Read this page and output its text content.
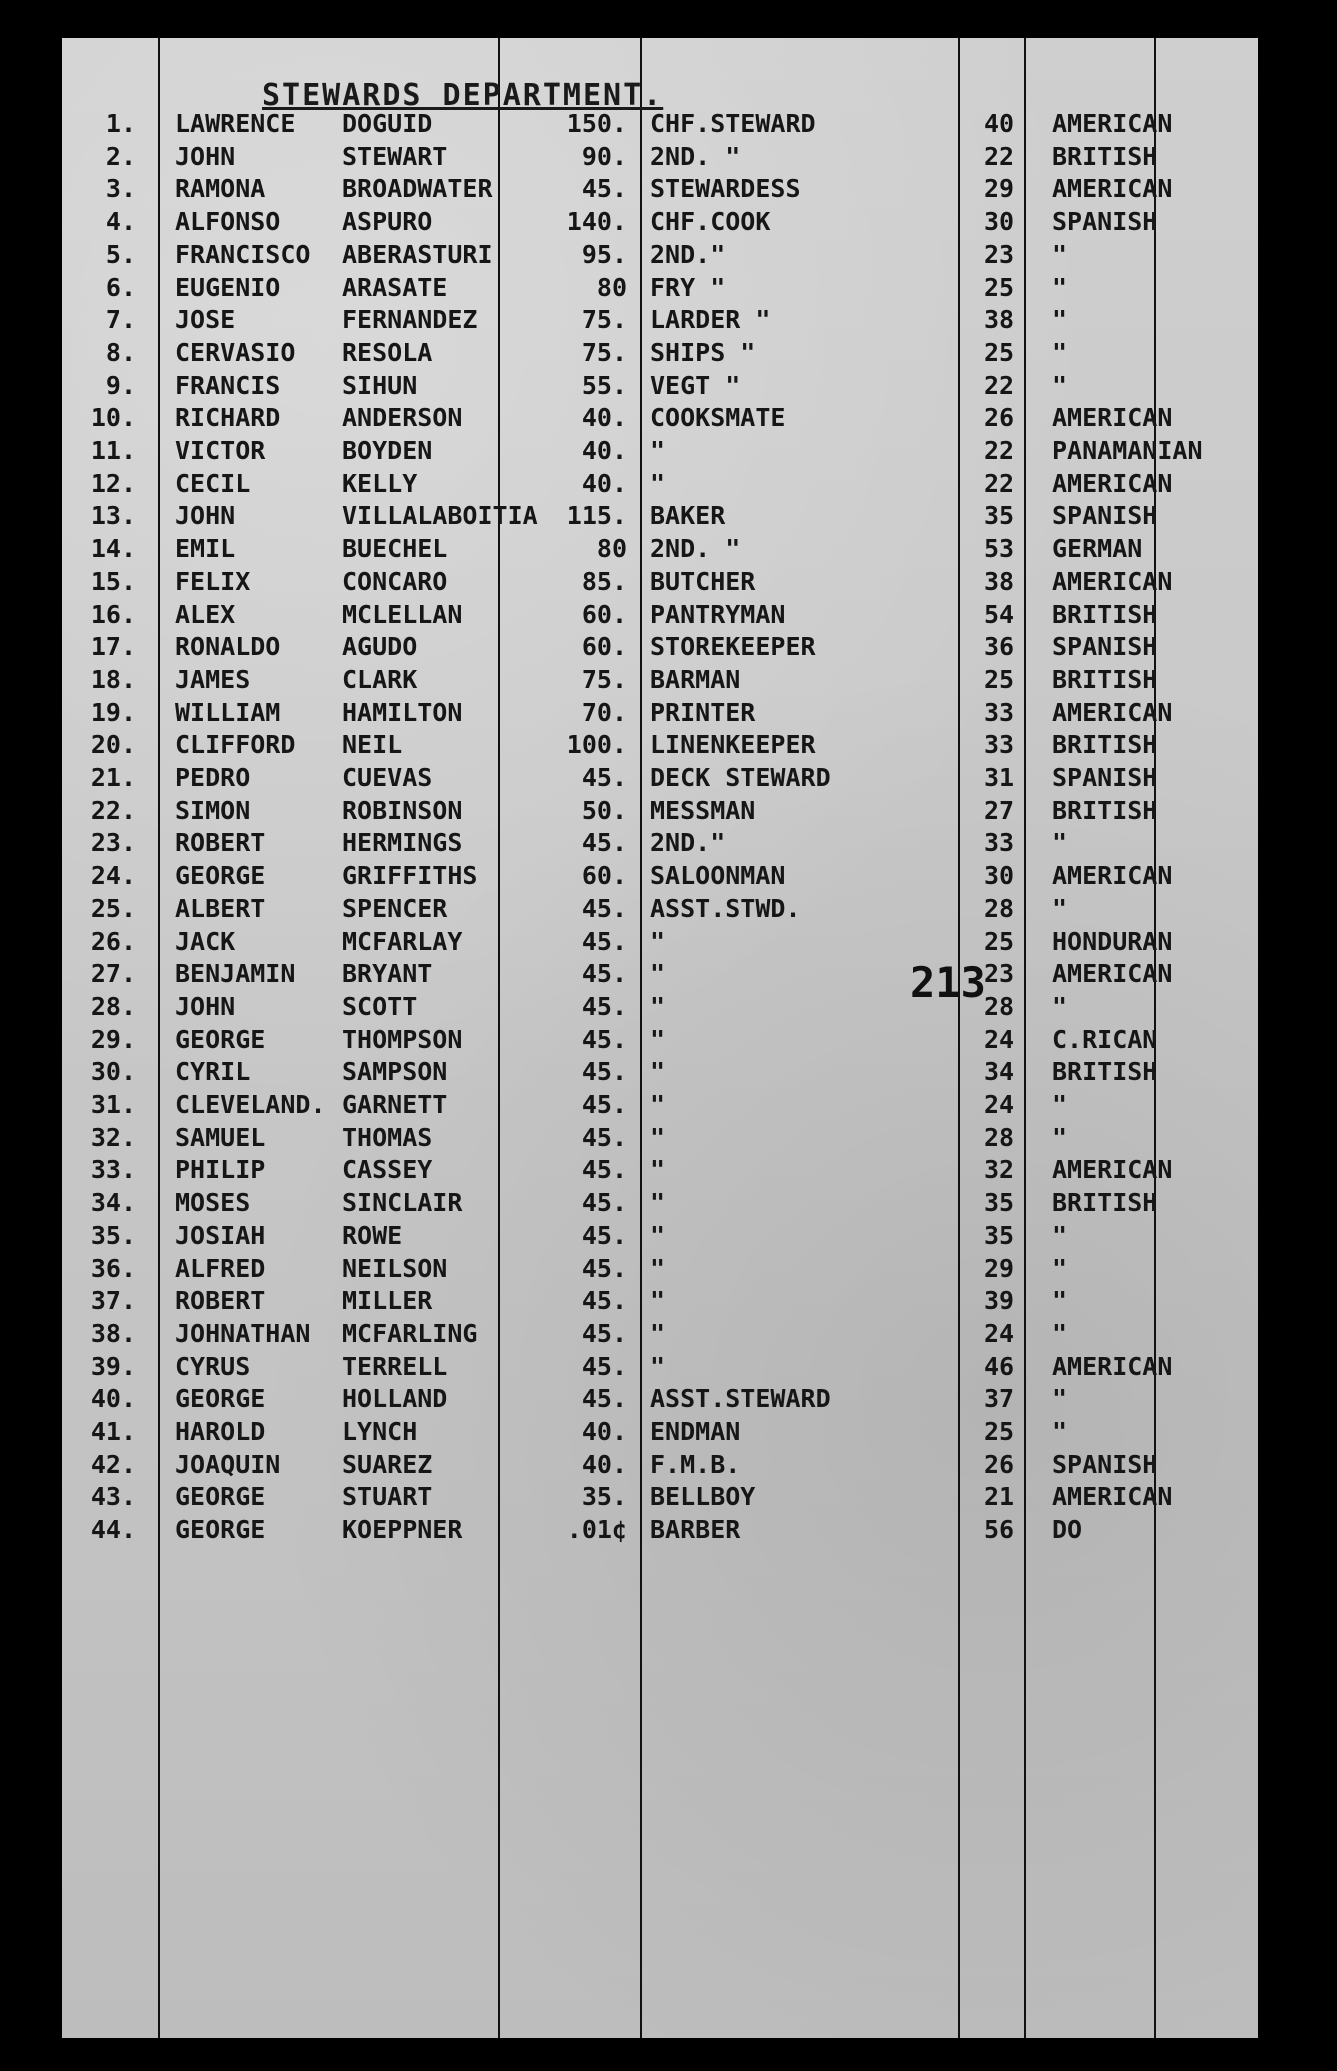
STEWARDS DEPARTMENT.
213
1. LAWRENCE DOGUID	150. CHF.STEWARD	40	AMERICAN
2. JOHN	STEWART	90. 2ND. "	22	BRITISH
3. RAMONA	BROADWATER	45. STEWARDESS	29	AMERICAN
4. ALFONSO ASPURO	140. CHF.COOK	30	SPANISH
5. FRANCISCO ABERASTURI	95. 2ND."	23	"
6. EUGENIO ARASATE	80 FRY "	25	"
7. JOSE	FERNANDEZ	75. LARDER "	38	"
8. CERVASIO RESOLA	75. SHIPS "	25	"
9. FRANCIS SIHUN	55. VEGT "	22	"
10. RICHARD ANDERSON	40. COOKSMATE	26	AMERICAN
11. VICTOR	BOYDEN	40. "	22	PANAMANIAN
12. CECIL	KELLY	40. "	22	AMERICAN
13. JOHN	VILLALABOITIA	115. BAKER	35	SPANISH
14. EMIL	BUECHEL	80 2ND. "	53	GERMAN
15. FELIX	CONCARO	85. BUTCHER	38	AMERICAN
16. ALEX	MCLELLAN	60. PANTRYMAN	54	BRITISH
17. RONALDO AGUDO	60. STOREKEEPER	36	SPANISH
18. JAMES	CLARK	75. BARMAN	25	BRITISH
19. WILLIAM HAMILTON	70. PRINTER	33	AMERICAN
20. CLIFFORD NEIL	100. LINENKEEPER	33	BRITISH
21. PEDRO	CUEVAS	45. DECK STEWARD	31	SPANISH
22. SIMON	ROBINSON	50. MESSMAN	27	BRITISH
23. ROBERT	HERMINGS	45. 2ND."	33	"
24. GEORGE	GRIFFITHS	60. SALOONMAN	30	AMERICAN
25. ALBERT	SPENCER	45. ASST.STWD.	28	"
26. JACK	MCFARLAY	45. "	25	HONDURAN
27. BENJAMIN BRYANT	45. "	23	AMERICAN
28. JOHN	SCOTT	45. "	28	"
29. GEORGE	THOMPSON	45. "	24	C.RICAN
30. CYRIL	SAMPSON	45. "	34	BRITISH
31. CLEVELAND. GARNETT	45. "	24	"
32. SAMUEL	THOMAS	45. "	28	"
33. PHILIP	CASSEY	45. "	32	AMERICAN
34. MOSES	SINCLAIR	45. "	35	BRITISH
35. JOSIAH	ROWE	45. "	35	"
36. ALFRED	NEILSON	45. "	29	"
37. ROBERT	MILLER	45. "	39	"
38. JOHNATHAN MCFARLING	45. "	24	"
39. CYRUS	TERRELL	45. "	46	AMERICAN
40. GEORGE	HOLLAND	45. ASST.STEWARD	37	"
41. HAROLD	LYNCH	40. ENDMAN	25	"
42. JOAQUIN SUAREZ	40. F.M.B.	26	SPANISH
43. GEORGE	STUART	35. BELLBOY	21	AMERICAN
44. GEORGE	KOEPPNER	.01¢ BARBER	56	DO
